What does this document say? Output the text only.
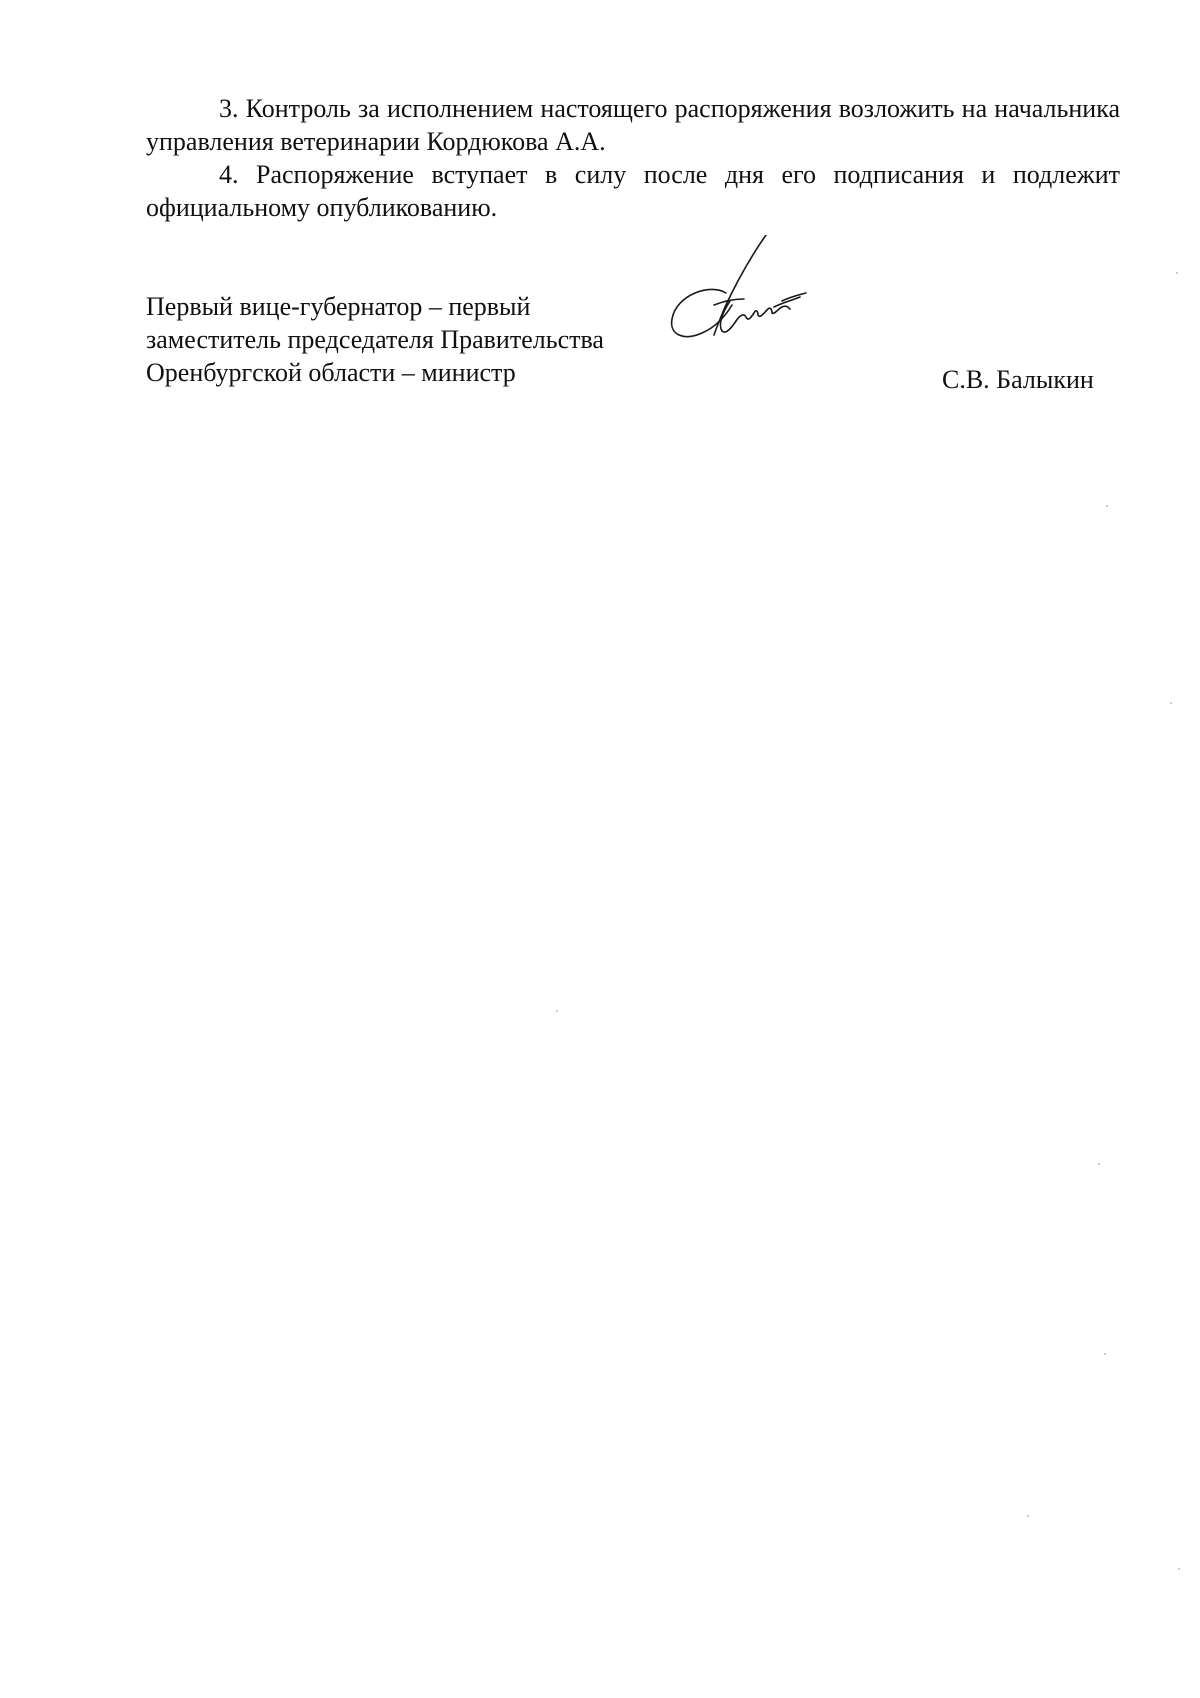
3. Контроль за исполнением настоящего распоряжения возложить на начальника управления ветеринарии Кордюкова А.А.

4. Распоряжение вступает в силу после дня его подписания и подлежит официальному опубликованию.

Первый вице-губернатор – первый
заместитель председателя Правительства
Оренбургской области – министр	С.В. Балыкин
